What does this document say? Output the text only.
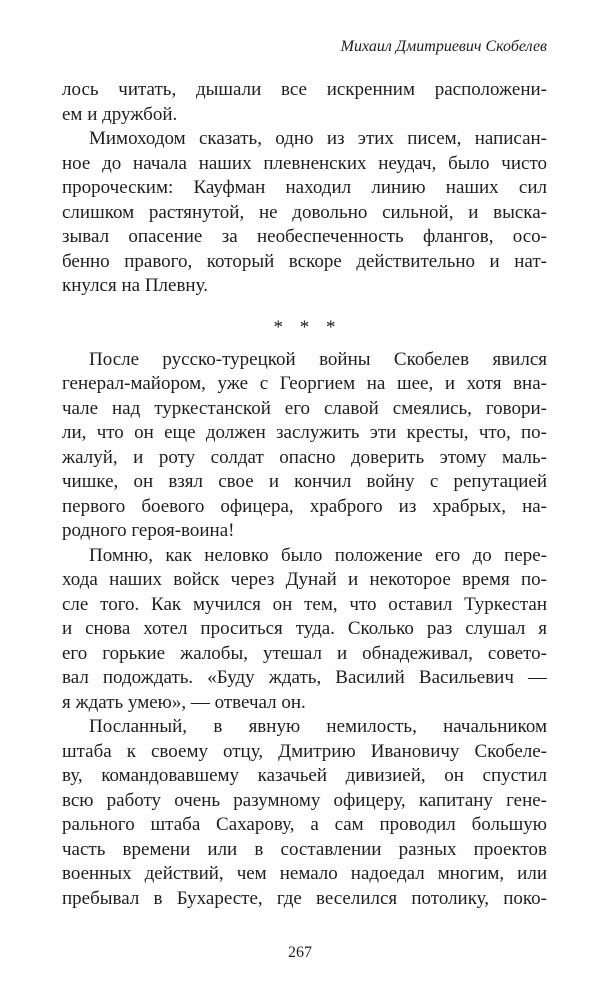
Михаил Дмитриевич Скобелев
лось читать, дышали все искренним расположени-
ем и дружбой.
Мимоходом сказать, одно из этих писем, написан-
ное до начала наших плевненских неудач, было чисто
пророческим: Кауфман находил линию наших сил
слишком растянутой, не довольно сильной, и выска-
зывал опасение за необеспеченность флангов, осо-
бенно правого, который вскоре действительно и нат-
кнулся на Плевну.
* * *
После русско-турецкой войны Скобелев явился
генерал-майором, уже с Георгием на шее, и хотя вна-
чале над туркестанской его славой смеялись, говори-
ли, что он еще должен заслужить эти кресты, что, по-
жалуй, и роту солдат опасно доверить этому маль-
чишке, он взял свое и кончил войну с репутацией
первого боевого офицера, храброго из храбрых, на-
родного героя-воина!
Помню, как неловко было положение его до пере-
хода наших войск через Дунай и некоторое время по-
сле того. Как мучился он тем, что оставил Туркестан
и снова хотел проситься туда. Сколько раз слушал я
его горькие жалобы, утешал и обнадеживал, совето-
вал подождать. «Буду ждать, Василий Васильевич —
я ждать умею», — отвечал он.
Посланный, в явную немилость, начальником
штаба к своему отцу, Дмитрию Ивановичу Скобеле-
ву, командовавшему казачьей дивизией, он спустил
всю работу очень разумному офицеру, капитану гене-
рального штаба Сахарову, а сам проводил большую
часть времени или в составлении разных проектов
военных действий, чем немало надоедал многим, или
пребывал в Бухаресте, где веселился потолику, поко-
267
